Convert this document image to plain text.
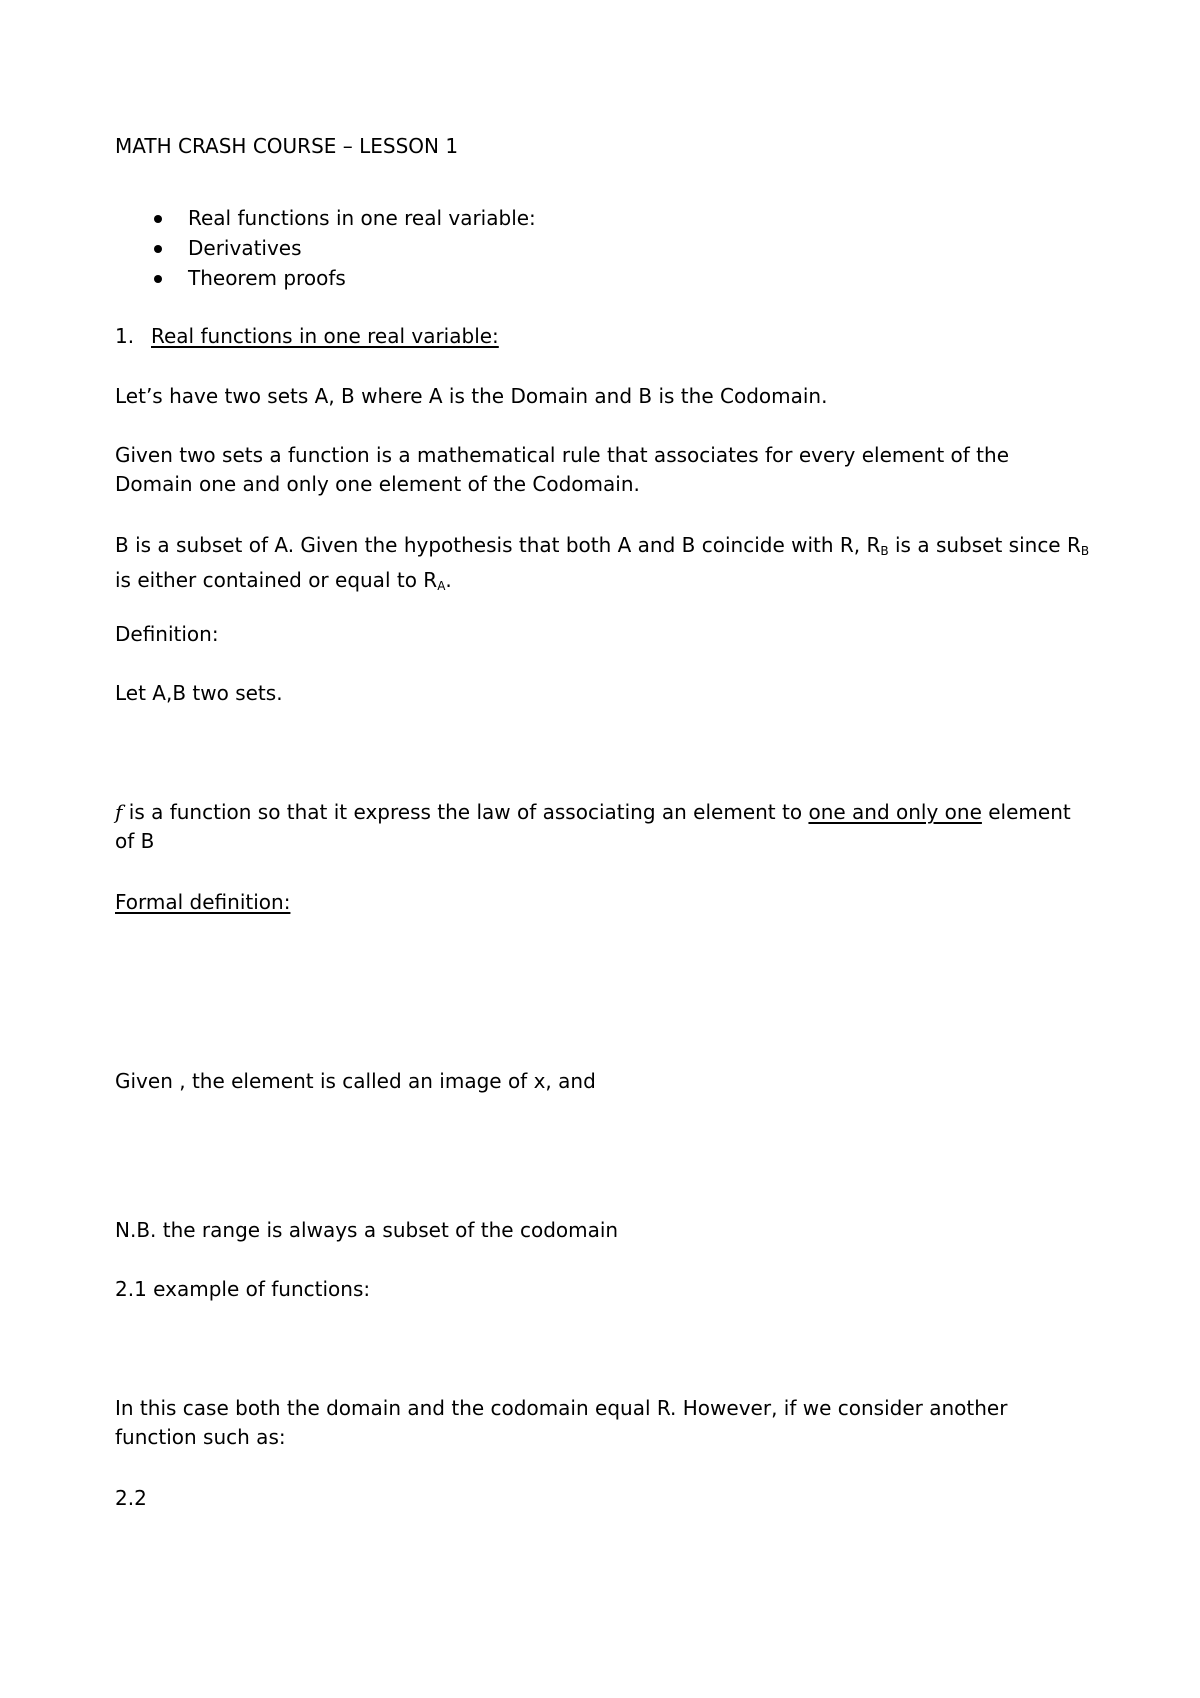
MATH CRASH COURSE – LESSON 1

Real functions in one real variable:
Derivatives
Theorem proofs

1. Real functions in one real variable:

Let’s have two sets A, B where A is the Domain and B is the Codomain.

Given two sets a function is a mathematical rule that associates for every element of the Domain one and only one element of the Codomain.

B is a subset of A. Given the hypothesis that both A and B coincide with R, $R_B$ is a subset since $R_B$ is either contained or equal to $R_A$.

Definition:

Let A,B two sets.

f is a function so that it express the law of associating an element to one and only one element of B

Formal definition:

Given , the element is called an image of x, and

N.B. the range is always a subset of the codomain

2.1 example of functions:

In this case both the domain and the codomain equal R. However, if we consider another function such as:

2.2
